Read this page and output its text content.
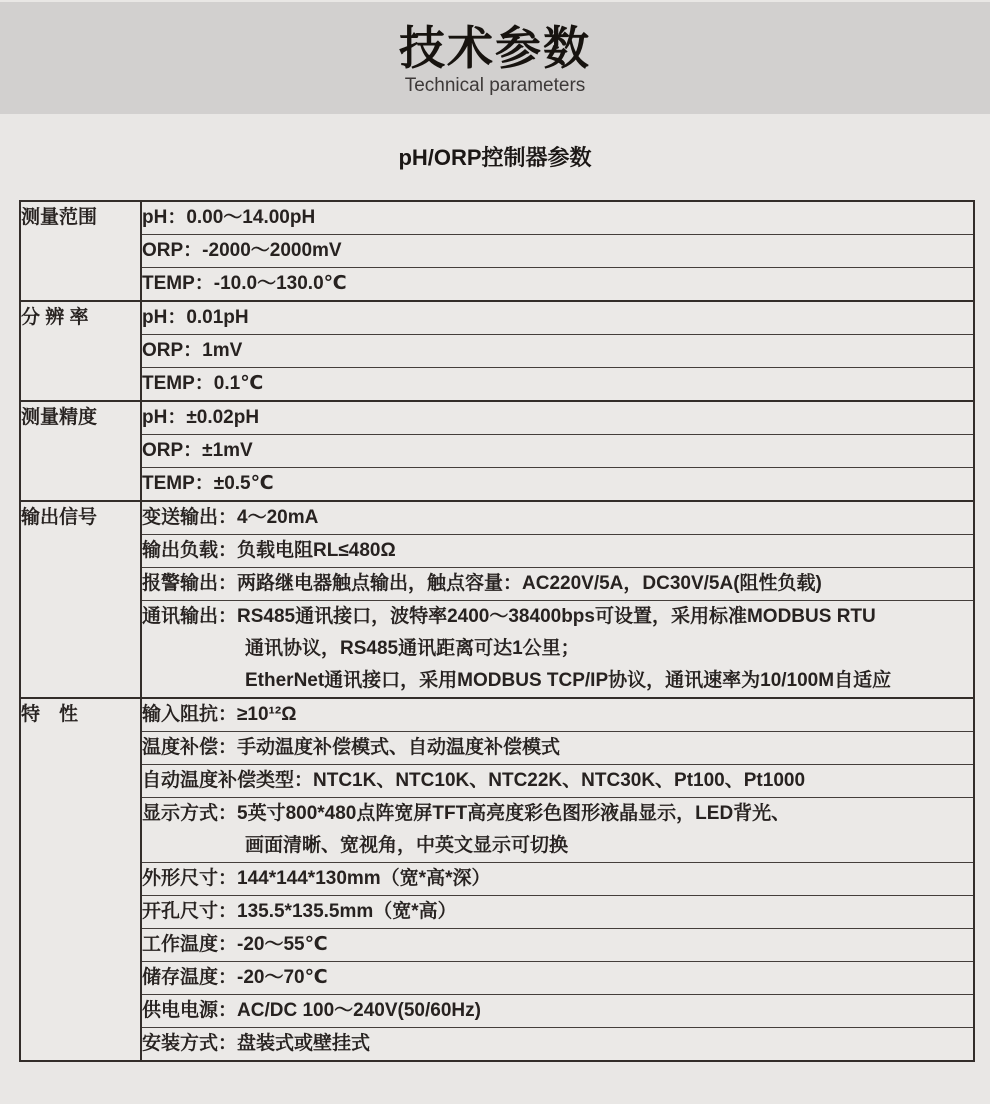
技术参数
Technical parameters
pH/ORP控制器参数
测量范围	pH：0.00～14.00pH
	ORP：-2000～2000mV
	TEMP：-10.0～130.0℃
分 辨 率	pH：0.01pH
	ORP：1mV
	TEMP：0.1℃
测量精度	pH：±0.02pH
	ORP：±1mV
	TEMP：±0.5℃
输出信号	变送输出：4～20mA
	输出负载：负载电阻RL≤480Ω
	报警输出：两路继电器触点输出，触点容量：AC220V/5A，DC30V/5A(阻性负载)

	通讯输出：RS485通讯接口，波特率2400～38400bps可设置，采用标准MODBUS RTU
通讯协议，RS485通讯距离可达1公里；
EtherNet通讯接口，采用MODBUS TCP/IP协议，通讯速率为10/100M自适应

特　性	输入阻抗：≥10¹²Ω
	温度补偿：手动温度补偿模式、自动温度补偿模式
	自动温度补偿类型：NTC1K、NTC10K、NTC22K、NTC30K、Pt100、Pt1000

	显示方式：5英寸800*480点阵宽屏TFT高亮度彩色图形液晶显示，LED背光、
画面清晰、宽视角，中英文显示可切换

	外形尺寸：144*144*130mm（宽*高*深）
	开孔尺寸：135.5*135.5mm（宽*高）
	工作温度：-20～55℃
	储存温度：-20～70℃
	供电电源：AC/DC 100～240V(50/60Hz)
	安装方式：盘装式或壁挂式
